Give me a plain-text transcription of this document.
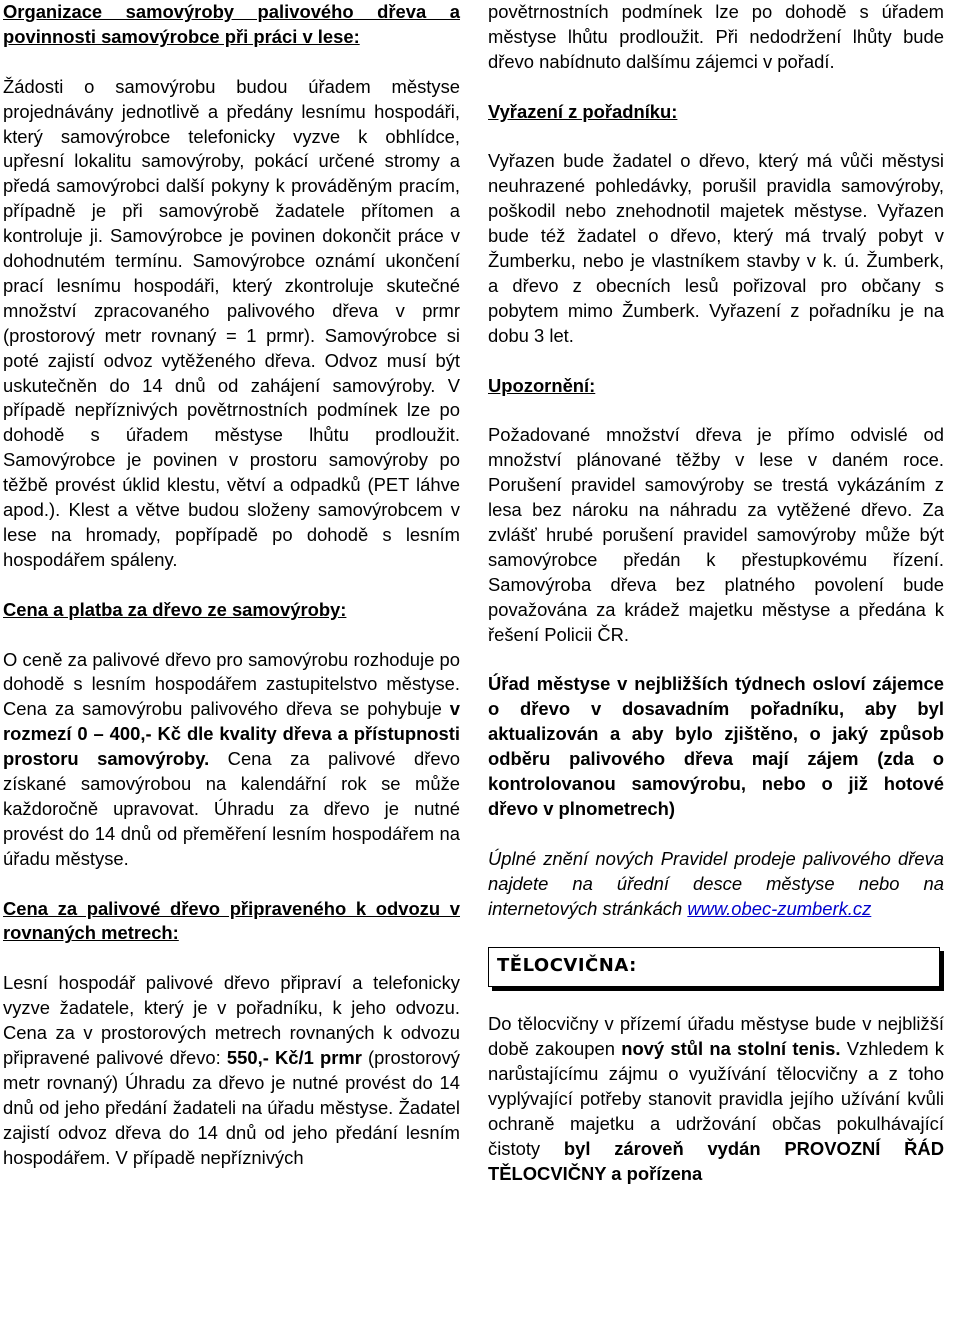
Organizace samovýroby palivového dřeva a povinnosti samovýrobce při práci v lese:

Žádosti o samovýrobu budou úřadem městyse projednávány jednotlivě a předány lesnímu hospodáři, který samovýrobce telefonicky vyzve k obhlídce, upřesní lokalitu samovýroby, pokácí určené stromy a předá samovýrobci další pokyny k prováděným pracím, případně je při samovýrobě žadatele přítomen a kontroluje ji. Samovýrobce je povinen dokončit práce v dohodnutém termínu. Samovýrobce oznámí ukončení prací lesnímu hospodáři, který zkontroluje skutečné množství zpracovaného palivového dřeva v prmr (prostorový metr rovnaný = 1 prmr). Samovýrobce si poté zajistí odvoz vytěženého dřeva. Odvoz musí být uskutečněn do 14 dnů od zahájení samovýroby. V případě nepříznivých povětrnostních podmínek lze po dohodě s úřadem městyse lhůtu prodloužit. Samovýrobce je povinen v prostoru samovýroby po těžbě provést úklid klestu, větví a odpadků (PET láhve apod.). Klest a větve budou složeny samovýrobcem v lese na hromady, popřípadě po dohodě s lesním hospodářem spáleny.

Cena a platba za dřevo ze samovýroby:

O ceně za palivové dřevo pro samovýrobu rozhoduje po dohodě s lesním hospodářem zastupitelstvo městyse. Cena za samovýrobu palivového dřeva se pohybuje v rozmezí 0 – 400,- Kč dle kvality dřeva a přístupnosti prostoru samovýroby. Cena za palivové dřevo získané samovýrobou na kalendářní rok se může každoročně upravovat. Úhradu za dřevo je nutné provést do 14 dnů od přeměření lesním hospodářem na úřadu městyse.

Cena za palivové dřevo připraveného k odvozu v rovnaných metrech:

Lesní hospodář palivové dřevo připraví a telefonicky vyzve žadatele, který je v pořadníku, k jeho odvozu. Cena za v prostorových metrech rovnaných k odvozu připravené palivové dřevo: 550,- Kč/1 prmr (prostorový metr rovnaný) Úhradu za dřevo je nutné provést do 14 dnů od jeho předání žadateli na úřadu městyse. Žadatel zajistí odvoz dřeva do 14 dnů od jeho předání lesním hospodářem. V případě nepříznivých

povětrnostních podmínek lze po dohodě s úřadem městyse lhůtu prodloužit. Při nedodržení lhůty bude dřevo nabídnuto dalšímu zájemci v pořadí.

Vyřazení z pořadníku:

Vyřazen bude žadatel o dřevo, který má vůči městysi neuhrazené pohledávky, porušil pravidla samovýroby, poškodil nebo znehodnotil majetek městyse. Vyřazen bude též žadatel o dřevo, který má trvalý pobyt v Žumberku, nebo je vlastníkem stavby v k. ú. Žumberk, a dřevo z obecních lesů pořizoval pro občany s pobytem mimo Žumberk. Vyřazení z pořadníku je na dobu 3 let.

Upozornění:

Požadované množství dřeva je přímo odvislé od množství plánované těžby v lese v daném roce. Porušení pravidel samovýroby se trestá vykázáním z lesa bez nároku na náhradu za vytěžené dřevo. Za zvlášť hrubé porušení pravidel samovýroby může být samovýrobce předán k přestupkovému řízení. Samovýroba dřeva bez platného povolení bude považována za krádež majetku městyse a předána k řešení Policii ČR.

Úřad městyse v nejbližších týdnech osloví zájemce o dřevo v dosavadním pořadníku, aby byl aktualizován a aby bylo zjištěno, o jaký způsob odběru palivového dřeva mají zájem (zda o kontrolovanou samovýrobu, nebo o již hotové dřevo v plnometrech)

Úplné znění nových Pravidel prodeje palivového dřeva najdete na úřední desce městyse nebo na internetových stránkách www.obec-zumberk.cz

TĚLOCVIČNA:

Do tělocvičny v přízemí úřadu městyse bude v nejbližší době zakoupen nový stůl na stolní tenis. Vzhledem k narůstajícímu zájmu o využívání tělocvičny a z toho vyplývající potřeby stanovit pravidla jejího užívání kvůli ochraně majetku a udržování občas pokulhávající čistoty byl zároveň vydán PROVOZNÍ ŘÁD TĚLOCVIČNY a pořízena
